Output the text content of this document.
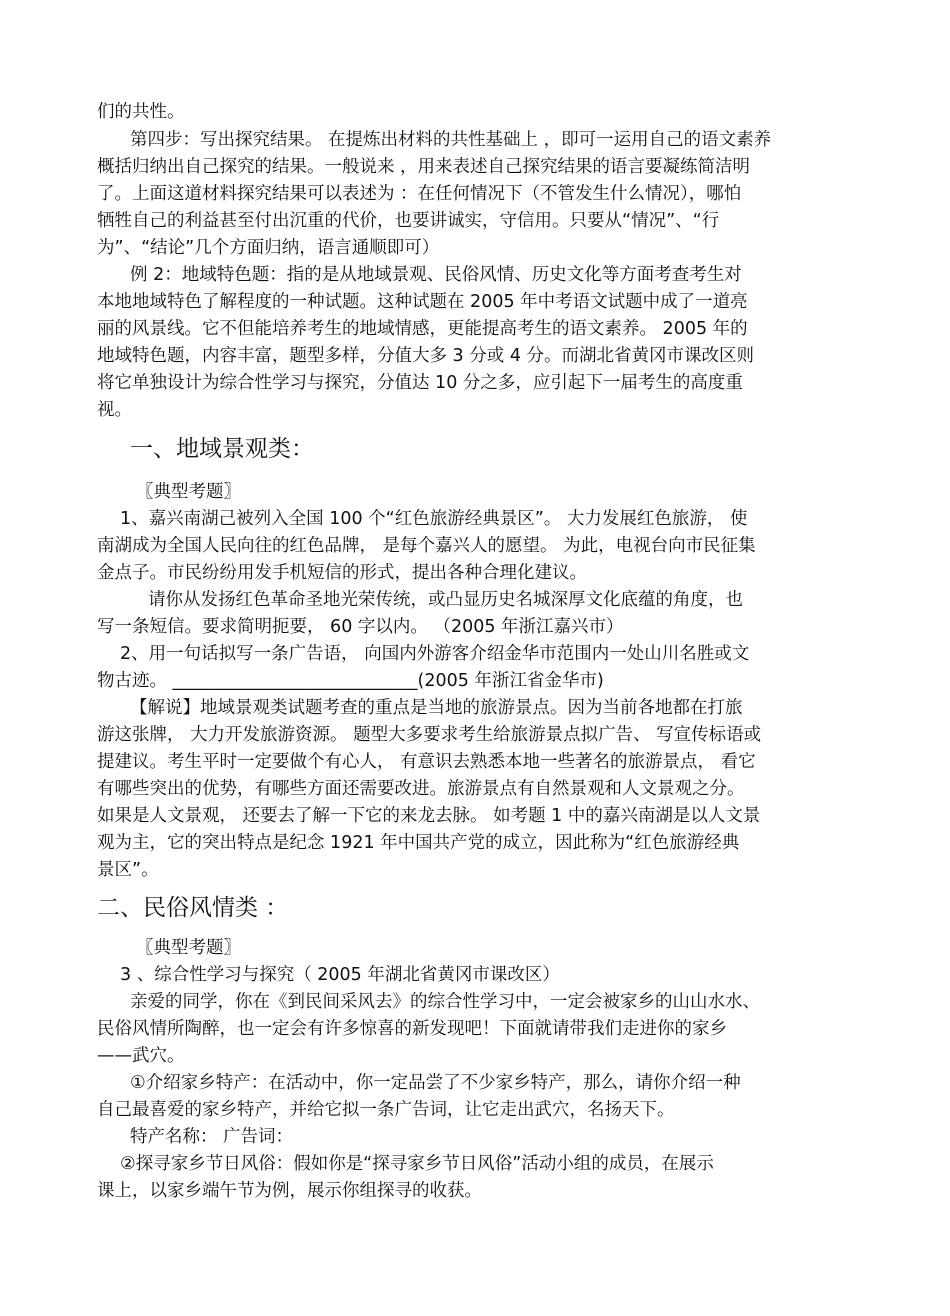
们的共性。
第四步：写出探究结果。 在提炼出材料的共性基础上 ，即可一运用自己的语文素养
概括归纳出自己探究的结果。一般说来 ，用来表述自己探究结果的语言要凝练简洁明
了。上面这道材料探究结果可以表述为 ：在任何情况下（不管发生什么情况），哪怕
牺牲自己的利益甚至付出沉重的代价，也要讲诚实，守信用。只要从“情况”、“行
为”、“结论”几个方面归纳，语言通顺即可）
例 2：地域特色题：指的是从地域景观、民俗风情、历史文化等方面考查考生对
本地地域特色了解程度的一种试题。这种试题在 2005 年中考语文试题中成了一道亮
丽的风景线。它不但能培养考生的地域情感，更能提高考生的语文素养。 2005 年的
地域特色题，内容丰富，题型多样，分值大多 3 分或 4 分。而湖北省黄冈市课改区则
将它单独设计为综合性学习与探究，分值达 10 分之多，应引起下一届考生的高度重
视。
一、地域景观类：
〖典型考题〗
1、嘉兴南湖己被列入全国 100 个“红色旅游经典景区”。 大力发展红色旅游， 使
南湖成为全国人民向往的红色品牌， 是每个嘉兴人的愿望。 为此，电视台向市民征集
金点子。市民纷纷用发手机短信的形式，提出各种合理化建议。
请你从发扬红色革命圣地光荣传统，或凸显历史名城深厚文化底蕴的角度，也
写一条短信。要求简明扼要， 60 字以内。 （2005 年浙江嘉兴市）
2、用一句话拟写一条广告语， 向国内外游客介绍金华市范围内一处山川名胜或文
物古迹。 ____________________________(2005 年浙江省金华市)
【解说】地域景观类试题考查的重点是当地的旅游景点。因为当前各地都在打旅
游这张牌， 大力开发旅游资源。 题型大多要求考生给旅游景点拟广告、 写宣传标语或
提建议。考生平时一定要做个有心人， 有意识去熟悉本地一些著名的旅游景点， 看它
有哪些突出的优势，有哪些方面还需要改进。旅游景点有自然景观和人文景观之分。
如果是人文景观， 还要去了解一下它的来龙去脉。 如考题 1 中的嘉兴南湖是以人文景
观为主，它的突出特点是纪念 1921 年中国共产党的成立，因此称为“红色旅游经典
景区”。
二、民俗风情类 ：
〖典型考题〗
3 、综合性学习与探究（ 2005 年湖北省黄冈市课改区）
亲爱的同学，你在《到民间采风去》的综合性学习中，一定会被家乡的山山水水、
民俗风情所陶醉，也一定会有许多惊喜的新发现吧！下面就请带我们走进你的家乡
——武穴。
①介绍家乡特产：在活动中，你一定品尝了不少家乡特产，那么，请你介绍一种
自己最喜爱的家乡特产，并给它拟一条广告词，让它走出武穴，名扬天下。
特产名称： 广告词：
②探寻家乡节日风俗：假如你是“探寻家乡节日风俗”活动小组的成员，在展示
课上，以家乡端午节为例，展示你组探寻的收获。
